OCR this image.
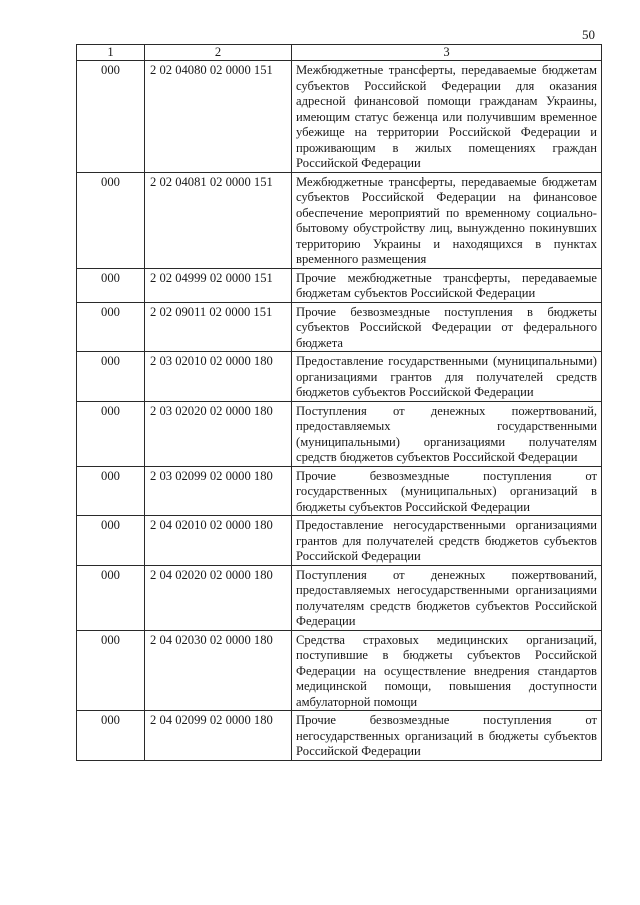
50
1	2	3
000	2 02 04080 02 0000 151	Межбюджетные трансферты, передаваемые бюджетам субъектов Российской Федерации для оказания адресной финансовой помощи гражданам Украины, имеющим статус беженца или получившим временное убежище на территории Российской Федерации и проживающим в жилых помещениях граждан Российской Федерации
000	2 02 04081 02 0000 151	Межбюджетные трансферты, передаваемые бюджетам субъектов Российской Федерации на финансовое обеспечение мероприятий по временному социально-бытовому обустройству лиц, вынужденно покинувших территорию Украины и находящихся в пунктах временного размещения
000	2 02 04999 02 0000 151	Прочие межбюджетные трансферты, передаваемые бюджетам субъектов Российской Федерации
000	2 02 09011 02 0000 151	Прочие безвозмездные поступления в бюджеты субъектов Российской Федерации от федерального бюджета
000	2 03 02010 02 0000 180	Предоставление государственными (муниципальными) организациями грантов для получателей средств бюджетов субъектов Российской Федерации
000	2 03 02020 02 0000 180	Поступления от денежных пожертвований, предоставляемых государственными (муниципальными) организациями получателям средств бюджетов субъектов Российской Федерации
000	2 03 02099 02 0000 180	Прочие безвозмездные поступления от государственных (муниципальных) организаций в бюджеты субъектов Российской Федерации
000	2 04 02010 02 0000 180	Предоставление негосударственными организациями грантов для получателей средств бюджетов субъектов Российской Федерации
000	2 04 02020 02 0000 180	Поступления от денежных пожертвований, предоставляемых негосударственными организациями получателям средств бюджетов субъектов Российской Федерации
000	2 04 02030 02 0000 180	Средства страховых медицинских организаций, поступившие в бюджеты субъектов Российской Федерации на осуществление внедрения стандартов медицинской помощи, повышения доступности амбулаторной помощи
000	2 04 02099 02 0000 180	Прочие безвозмездные поступления от негосударственных организаций в бюджеты субъектов Российской Федерации
